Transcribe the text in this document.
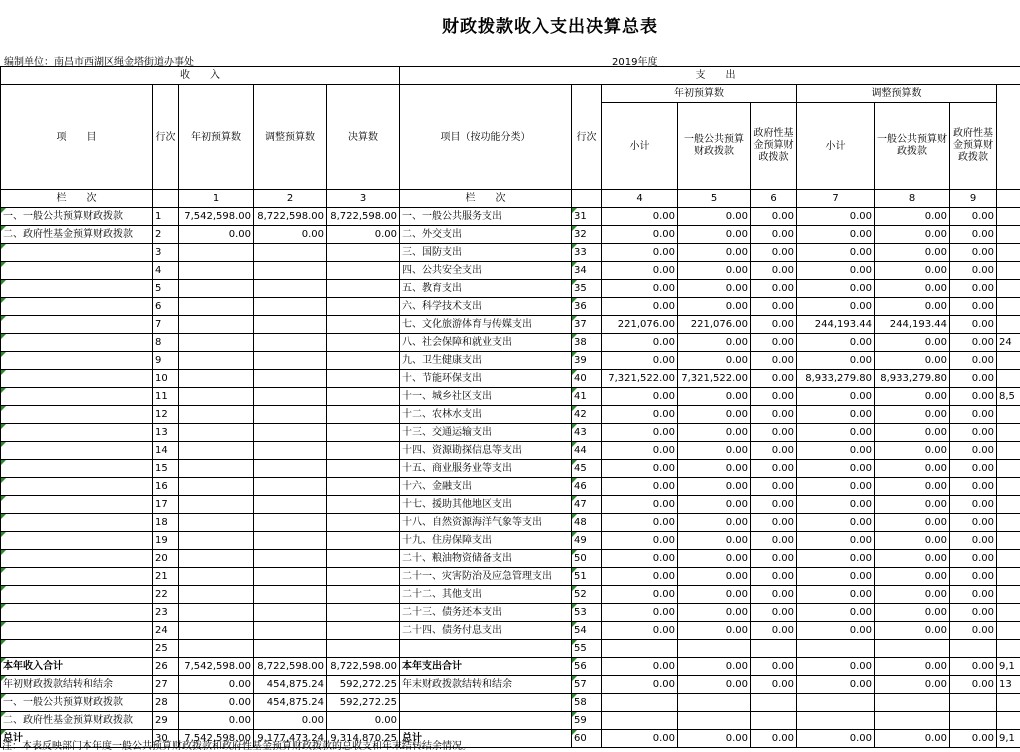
财政拨款收入支出决算总表
编制单位：南昌市西湖区绳金塔街道办事处	2019年度
收　　入					支　　出								
项　　目	行次	年初预算数	调整预算数	决算数	项目（按功能分类）	行次	年初预算数			调整预算数			
							小计	一般公共预算财政拨款	政府性基金预算财政拨款	小计	一般公共预算财政拨款	政府性基金预算财政拨款	
栏　　次		1	2	3	栏　　次		4	5	6	7	8	9	
一、一般公共预算财政拨款	1	7,542,598.00	8,722,598.00	8,722,598.00	一、一般公共服务支出	31	0.00	0.00	0.00	0.00	0.00	0.00	
二、政府性基金预算财政拨款	2	0.00	0.00	0.00	二、外交支出	32	0.00	0.00	0.00	0.00	0.00	0.00	
	3				三、国防支出	33	0.00	0.00	0.00	0.00	0.00	0.00	
	4				四、公共安全支出	34	0.00	0.00	0.00	0.00	0.00	0.00	
	5				五、教育支出	35	0.00	0.00	0.00	0.00	0.00	0.00	
	6				六、科学技术支出	36	0.00	0.00	0.00	0.00	0.00	0.00	
	7				七、文化旅游体育与传媒支出	37	221,076.00	221,076.00	0.00	244,193.44	244,193.44	0.00	
	8				八、社会保障和就业支出	38	0.00	0.00	0.00	0.00	0.00	0.00	24
	9				九、卫生健康支出	39	0.00	0.00	0.00	0.00	0.00	0.00	
	10				十、节能环保支出	40	7,321,522.00	7,321,522.00	0.00	8,933,279.80	8,933,279.80	0.00	
	11				十一、城乡社区支出	41	0.00	0.00	0.00	0.00	0.00	0.00	8,5
	12				十二、农林水支出	42	0.00	0.00	0.00	0.00	0.00	0.00	
	13				十三、交通运输支出	43	0.00	0.00	0.00	0.00	0.00	0.00	
	14				十四、资源勘探信息等支出	44	0.00	0.00	0.00	0.00	0.00	0.00	
	15				十五、商业服务业等支出	45	0.00	0.00	0.00	0.00	0.00	0.00	
	16				十六、金融支出	46	0.00	0.00	0.00	0.00	0.00	0.00	
	17				十七、援助其他地区支出	47	0.00	0.00	0.00	0.00	0.00	0.00	
	18				十八、自然资源海洋气象等支出	48	0.00	0.00	0.00	0.00	0.00	0.00	
	19				十九、住房保障支出	49	0.00	0.00	0.00	0.00	0.00	0.00	
	20				二十、粮油物资储备支出	50	0.00	0.00	0.00	0.00	0.00	0.00	
	21				二十一、灾害防治及应急管理支出	51	0.00	0.00	0.00	0.00	0.00	0.00	
	22				二十二、其他支出	52	0.00	0.00	0.00	0.00	0.00	0.00	
	23				二十三、债务还本支出	53	0.00	0.00	0.00	0.00	0.00	0.00	
	24				二十四、债务付息支出	54	0.00	0.00	0.00	0.00	0.00	0.00	
	25					55							
本年收入合计	26	7,542,598.00	8,722,598.00	8,722,598.00	本年支出合计	56	0.00	0.00	0.00	0.00	0.00	0.00	9,1
年初财政拨款结转和结余	27	0.00	454,875.24	592,272.25	年末财政拨款结转和结余	57	0.00	0.00	0.00	0.00	0.00	0.00	13
一、一般公共预算财政拨款	28	0.00	454,875.24	592,272.25		58							
二、政府性基金预算财政拨款	29	0.00	0.00	0.00		59							
总计	30	7,542,598.00	9,177,473.24	9,314,870.25	总计	60	0.00	0.00	0.00	0.00	0.00	0.00	9,1
注：本表反映部门本年度一般公共预算财政拨款和政府性基金预算财政拨款的总收支和年末结转结余情况。
